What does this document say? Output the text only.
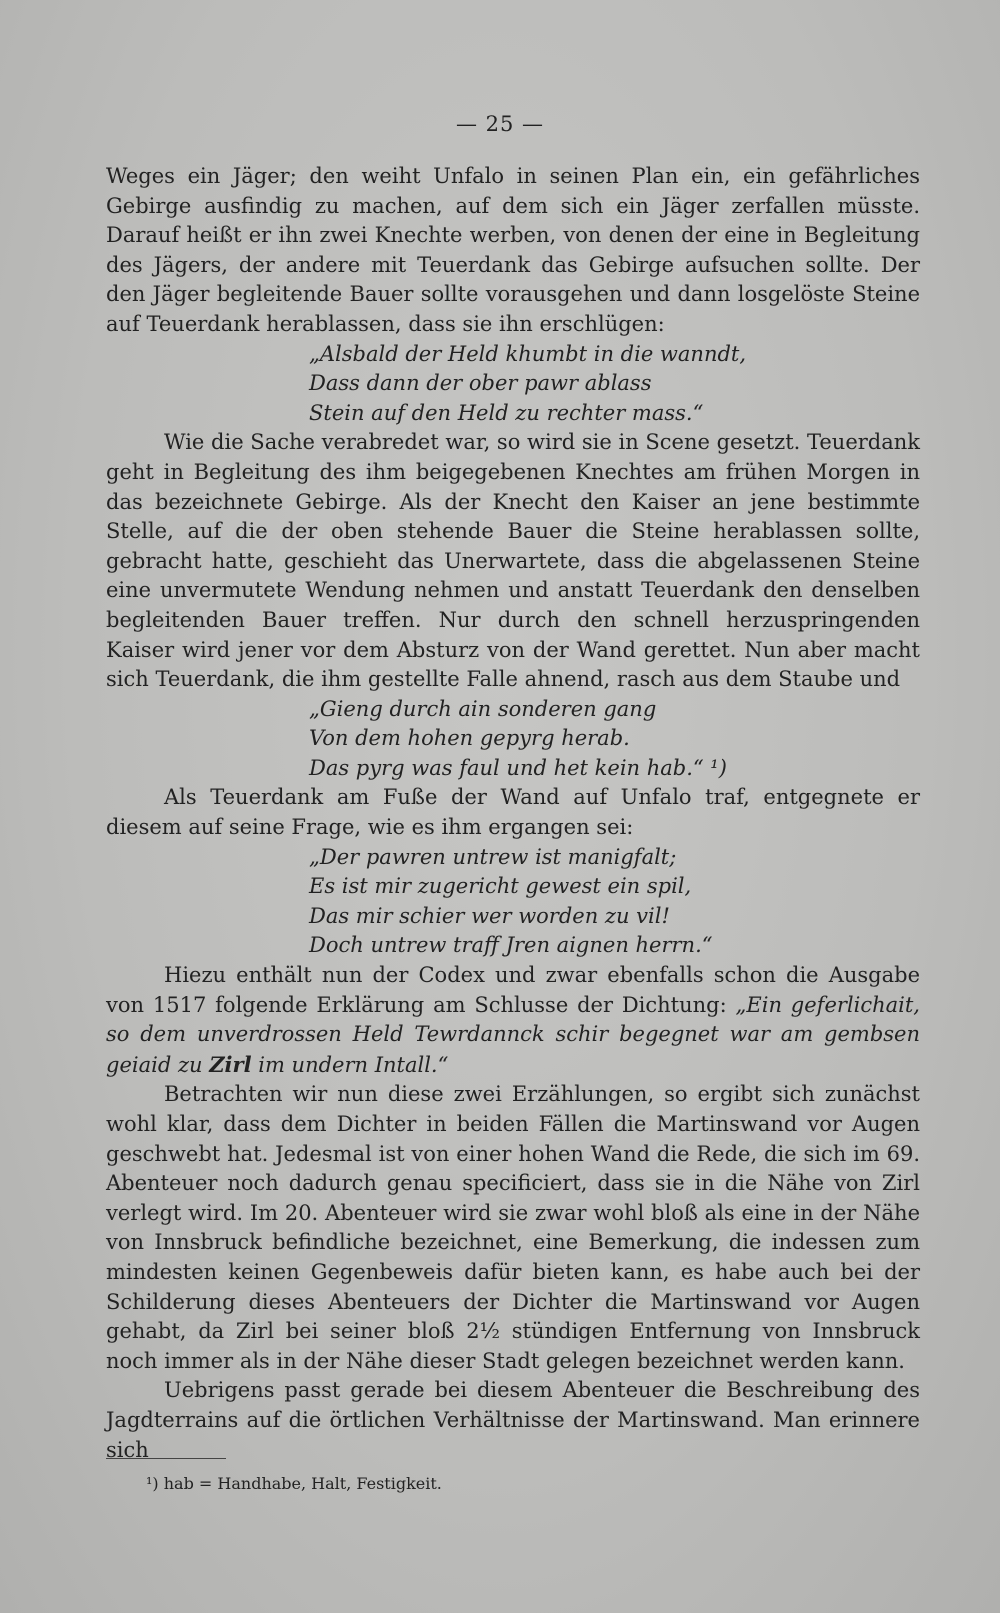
— 25 —

Weges ein Jäger; den weiht Unfalo in seinen Plan ein, ein gefährliches Gebirge ausfindig zu machen, auf dem sich ein Jäger zerfallen müsste. Darauf heißt er ihn zwei Knechte werben, von denen der eine in Begleitung des Jägers, der andere mit Teuerdank das Gebirge aufsuchen sollte. Der den Jäger begleitende Bauer sollte vorausgehen und dann losgelöste Steine auf Teuerdank herablassen, dass sie ihn erschlügen:

„Alsbald der Held khumbt in die wanndt,
Dass dann der ober pawr ablass
Stein auf den Held zu rechter mass.“

Wie die Sache verabredet war, so wird sie in Scene gesetzt. Teuerdank geht in Begleitung des ihm beigegebenen Knechtes am frühen Morgen in das bezeichnete Gebirge. Als der Knecht den Kaiser an jene bestimmte Stelle, auf die der oben stehende Bauer die Steine herablassen sollte, gebracht hatte, geschieht das Unerwartete, dass die abgelassenen Steine eine unvermutete Wendung nehmen und anstatt Teuerdank den denselben begleitenden Bauer treffen. Nur durch den schnell herzuspringenden Kaiser wird jener vor dem Absturz von der Wand gerettet. Nun aber macht sich Teuerdank, die ihm gestellte Falle ahnend, rasch aus dem Staube und

„Gieng durch ain sonderen gang
Von dem hohen gepyrg herab.
Das pyrg was faul und het kein hab.“ ¹)

Als Teuerdank am Fuße der Wand auf Unfalo traf, entgegnete er diesem auf seine Frage, wie es ihm ergangen sei:

„Der pawren untrew ist manigfalt;
Es ist mir zugericht gewest ein spil,
Das mir schier wer worden zu vil!
Doch untrew traff Jren aignen herrn.“

Hiezu enthält nun der Codex und zwar ebenfalls schon die Ausgabe von 1517 folgende Erklärung am Schlusse der Dichtung: „Ein geferlichait, so dem unverdrossen Held Tewrdannck schir begegnet war am gembsen geiaid zu Zirl im undern Intall.“

Betrachten wir nun diese zwei Erzählungen, so ergibt sich zunächst wohl klar, dass dem Dichter in beiden Fällen die Martinswand vor Augen geschwebt hat. Jedesmal ist von einer hohen Wand die Rede, die sich im 69. Abenteuer noch dadurch genau specificiert, dass sie in die Nähe von Zirl verlegt wird. Im 20. Abenteuer wird sie zwar wohl bloß als eine in der Nähe von Innsbruck befindliche bezeichnet, eine Bemerkung, die indessen zum mindesten keinen Gegenbeweis dafür bieten kann, es habe auch bei der Schilderung dieses Abenteuers der Dichter die Martinswand vor Augen gehabt, da Zirl bei seiner bloß 2½ stündigen Entfernung von Innsbruck noch immer als in der Nähe dieser Stadt gelegen bezeichnet werden kann.

Uebrigens passt gerade bei diesem Abenteuer die Beschreibung des Jagdterrains auf die örtlichen Verhältnisse der Martinswand. Man erinnere sich

¹) hab = Handhabe, Halt, Festigkeit.
